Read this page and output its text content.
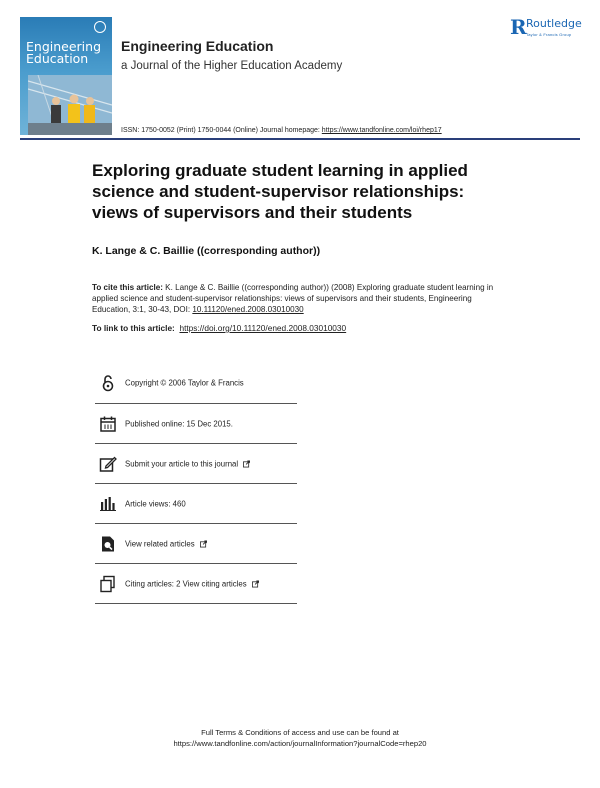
Engineering
Education
Engineering Education
a Journal of the Higher Education Academy
R Routledge
Taylor & Francis Group
ISSN: 1750-0052 (Print) 1750-0044 (Online) Journal homepage: https://www.tandfonline.com/loi/rhep17
Exploring graduate student learning in applied science and student-supervisor relationships: views of supervisors and their students
K. Lange & C. Baillie ((corresponding author))
To cite this article: K. Lange & C. Baillie ((corresponding author)) (2008) Exploring graduate student learning in applied science and student-supervisor relationships: views of supervisors and their students, Engineering Education, 3:1, 30-43, DOI: 10.11120/ened.2008.03010030
To link to this article: https://doi.org/10.11120/ened.2008.03010030
Copyright © 2006 Taylor & Francis
Published online: 15 Dec 2015.
Submit your article to this journal
Article views: 460
View related articles
Citing articles: 2 View citing articles
Full Terms & Conditions of access and use can be found at
https://www.tandfonline.com/action/journalInformation?journalCode=rhep20
